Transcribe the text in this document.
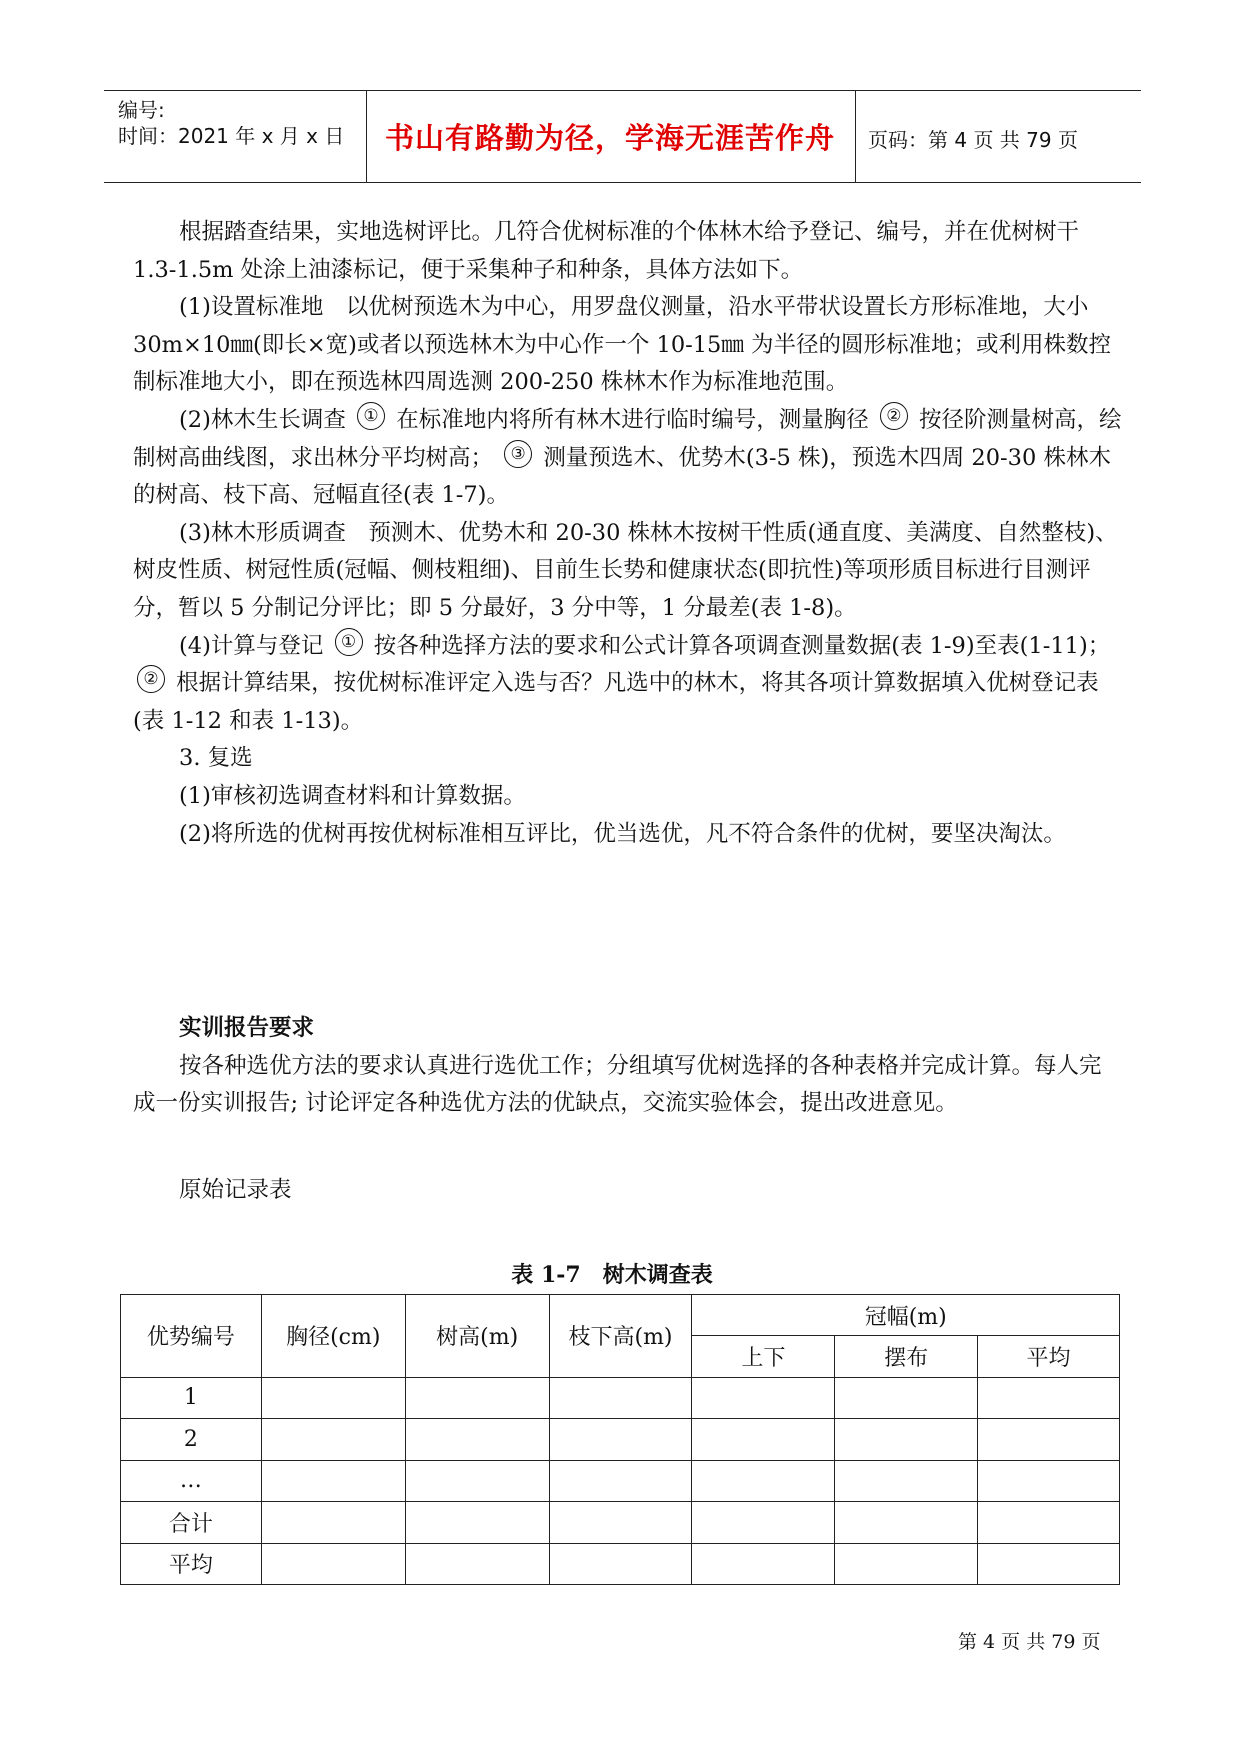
编号:
时间：2021 年 x 月 x 日	书山有路勤为径，学海无涯苦作舟	页码：第 4 页 共 79 页

根据踏查结果，实地选树评比。几符合优树标准的个体林木给予登记、编号，并在优树树干 1.3-1.5m 处涂上油漆标记，便于采集种子和种条，具体方法如下。

(1)设置标准地　以优树预选木为中心，用罗盘仪测量，沿水平带状设置长方形标准地，大小 30m×10㎜(即长×宽)或者以预选林木为中心作一个 10-15㎜ 为半径的圆形标准地；或利用株数控制标准地大小，即在预选林四周选测 200-250 株林木作为标准地范围。

(2)林木生长调查 ① 在标准地内将所有林木进行临时编号，测量胸径 ② 按径阶测量树高，绘制树高曲线图，求出林分平均树高； ③ 测量预选木、优势木(3-5 株)，预选木四周 20-30 株林木的树高、枝下高、冠幅直径(表 1-7)。

(3)林木形质调查　预测木、优势木和 20-30 株林木按树干性质(通直度、美满度、自然整枝)、树皮性质、树冠性质(冠幅、侧枝粗细)、目前生长势和健康状态(即抗性)等项形质目标进行目测评分，暂以 5 分制记分评比；即 5 分最好，3 分中等，1 分最差(表 1-8)。

(4)计算与登记 ① 按各种选择方法的要求和公式计算各项调查测量数据(表 1-9)至表(1-11)； ② 根据计算结果，按优树标准评定入选与否？凡选中的林木，将其各项计算数据填入优树登记表(表 1-12 和表 1-13)。

3. 复选

(1)审核初选调查材料和计算数据。

(2)将所选的优树再按优树标准相互评比，优当选优，凡不符合条件的优树，要坚决淘汰。

实训报告要求

按各种选优方法的要求认真进行选优工作；分组填写优树选择的各种表格并完成计算。每人完成一份实训报告; 讨论评定各种选优方法的优缺点，交流实验体会，提出改进意见。

原始记录表

表 1-7　树木调查表
优势编号	胸径(cm)	树高(m)	枝下高(m)	冠幅(m)		
				上下	摆布	平均
1						
2						
…						
合计						
平均						
第 4 页 共 79 页
